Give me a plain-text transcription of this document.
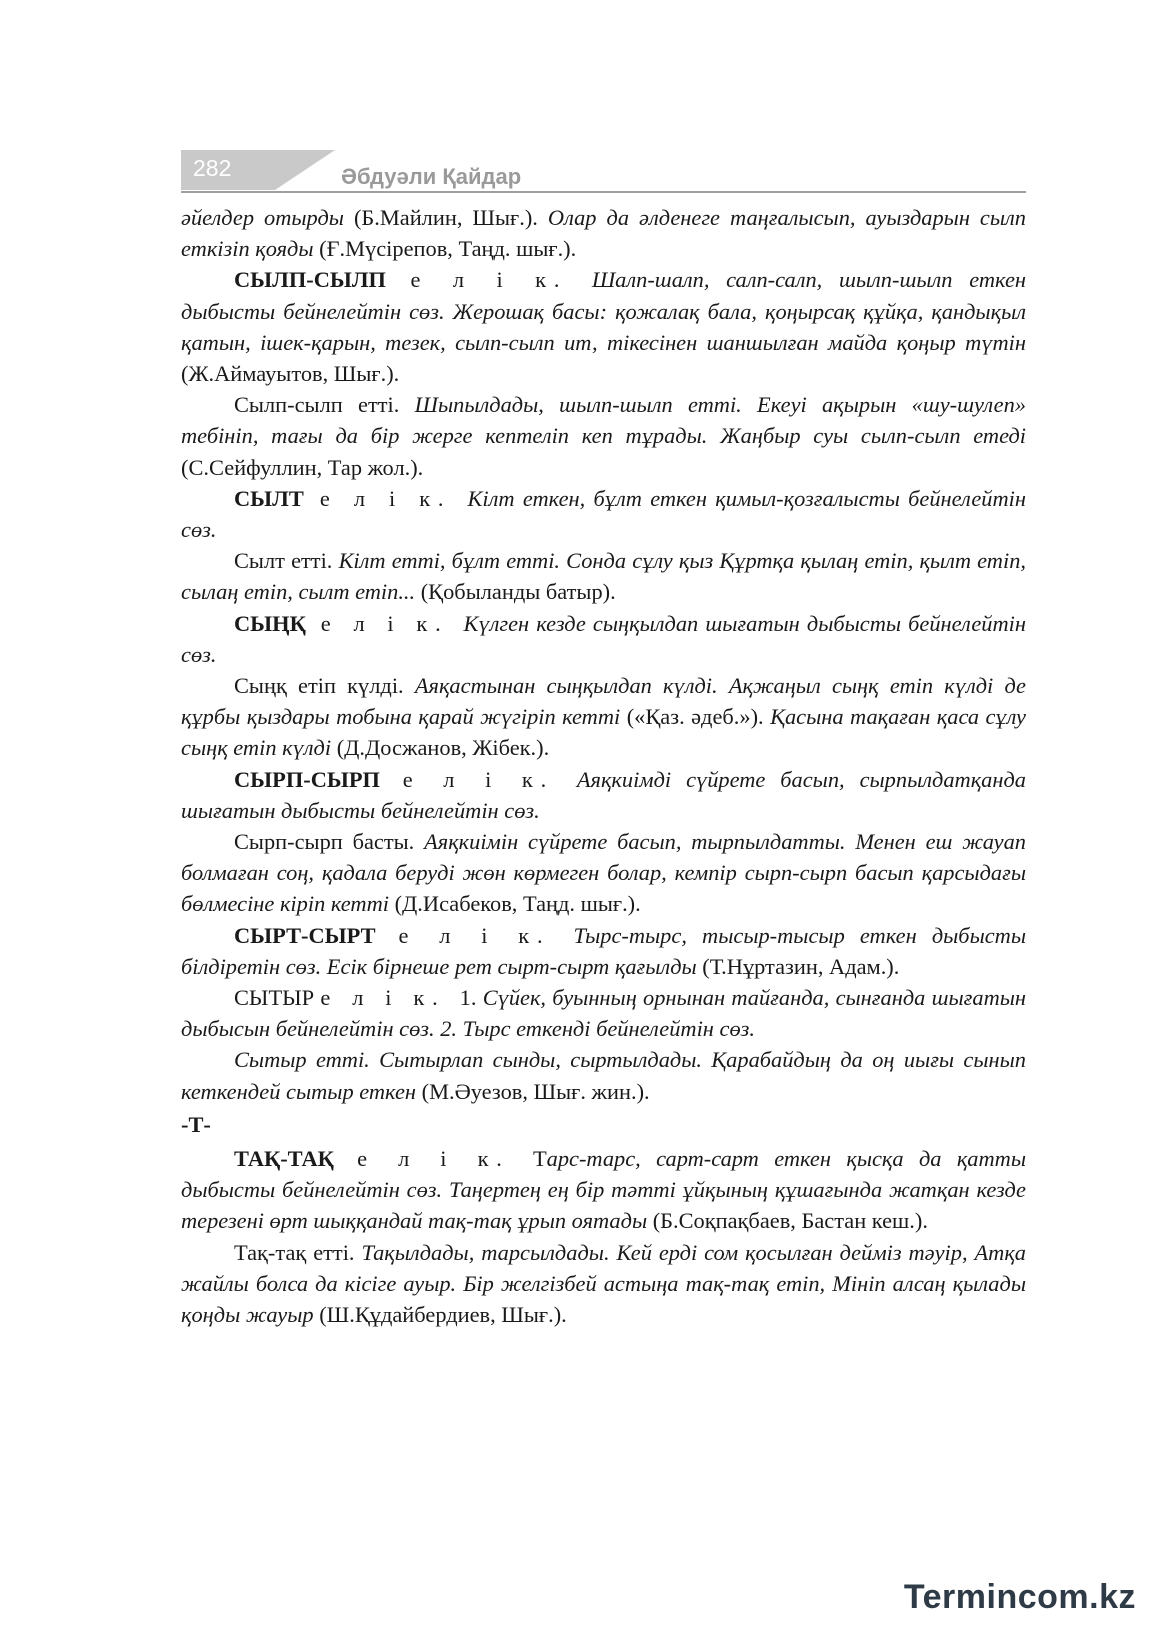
282	Әбдуәли Қайдар

әйелдер отырды (Б.Майлин, Шығ.). Олар да әлденеге таңғалысып, ауыздарын сылп еткізіп қояды (Ғ.Мүсірепов, Таңд. шығ.).

СЫЛП-СЫЛП е л і к. Шалп-шалп, салп-салп, шылп-шылп еткен дыбысты бейнелейтін сөз. Жерошақ басы: қожалақ бала, қоңырсақ құйқа, қандықыл қатын, ішек-қарын, тезек, сылп-сылп ит, тікесінен шаншылған майда қоңыр түтін (Ж.Аймауытов, Шығ.).

Сылп-сылп етті. Шыпылдады, шылп-шылп етті. Екеуі ақырын «шу-шулеп» тебініп, тағы да бір жерге кептеліп кеп тұрады. Жаңбыр суы сылп-сылп етеді (С.Сейфуллин, Тар жол.).

СЫЛТ е л і к. Кілт еткен, бұлт еткен қимыл-қозғалысты бейнелейтін сөз.

Сылт етті. Кілт етті, бұлт етті. Сонда сұлу қыз Құртқа қылаң етіп, қылт етіп, сылаң етіп, сылт етіп... (Қобыланды батыр).

СЫҢҚ е л і к. Күлген кезде сыңқылдап шығатын дыбысты бейнелейтін сөз.

Сыңқ етіп күлді. Аяқастынан сыңқылдап күлді. Ақжаңыл сыңқ етіп күлді де құрбы қыздары тобына қарай жүгіріп кетті («Қаз. әдеб.»). Қасына тақаған қаса сұлу сыңқ етіп күлді (Д.Досжанов, Жібек.).

СЫРП-СЫРП е л і к. Аяқкиімді сүйрете басып, сырпылдатқанда шығатын дыбысты бейнелейтін сөз.

Сырп-сырп басты. Аяқкиімін сүйрете басып, тырпылдатты. Менен еш жауап болмаған соң, қадала беруді жөн көрмеген болар, кемпір сырп-сырп басып қарсыдағы бөлмесіне кіріп кетті (Д.Исабеков, Таңд. шығ.).

СЫРТ-СЫРТ е л і к. Тырс-тырс, тысыр-тысыр еткен дыбысты білдіретін сөз. Есік бірнеше рет сырт-сырт қағылды (Т.Нұртазин, Адам.).

СЫТЫР е л і к. 1. Сүйек, буынның орнынан тайғанда, сынғанда шығатын дыбысын бейнелейтін сөз. 2. Тырс еткенді бейнелейтін сөз.

Сытыр етті. Сытырлап сынды, сыртылдады. Қарабайдың да оң иығы сынып кеткендей сытыр еткен (М.Әуезов, Шығ. жин.).

-Т-

ТАҚ-ТАҚ е л і к. Тарс-тарс, сарт-сарт еткен қысқа да қатты дыбысты бейнелейтін сөз. Таңертең ең бір тәтті ұйқының құшағында жатқан кезде терезені өрт шыққандай тақ-тақ ұрып оятады (Б.Соқпақбаев, Бастан кеш.).

Тақ-тақ етті. Тақылдады, тарсылдады. Кей ерді сом қосылған деймiз тәуір, Атқа жайлы болса да кісіге ауыр. Бір желгізбей астыңа тақ-тақ етіп, Мініп алсаң қылады қоңды жауыр (Ш.Құдайбердиев, Шығ.).

Termincom.kz
